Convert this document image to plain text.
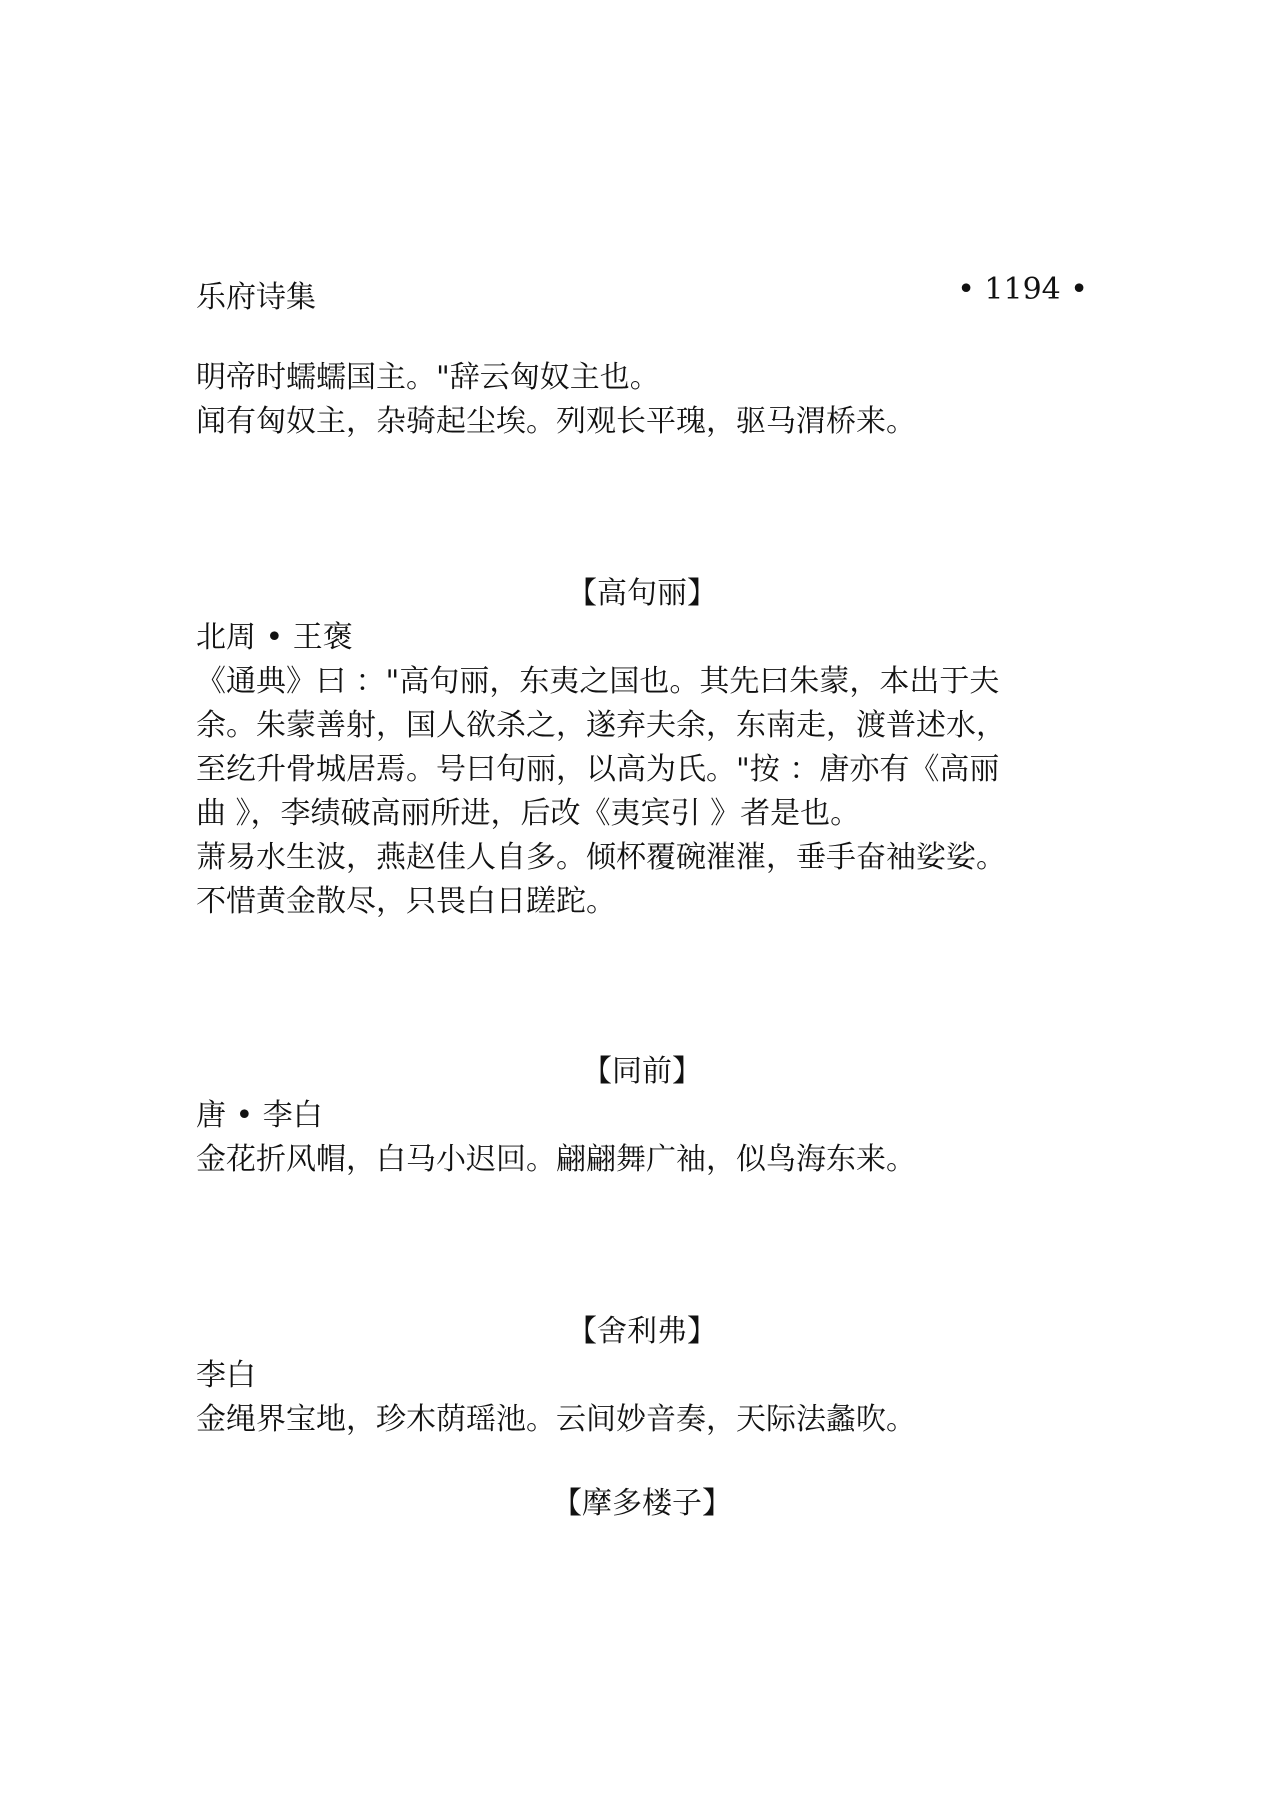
乐府诗集	• 1194 •
明帝时蠕蠕国主。"辞云匈奴主也。
闻有匈奴主，杂骑起尘埃。列观长平瑰，驱马渭桥来。
【高句丽】
北周 • 王褒
《通典》曰 ："高句丽，东夷之国也。其先曰朱蒙，本出于夫
余。朱蒙善射，国人欲杀之，遂弃夫余，东南走，渡普述水，
至纥升骨城居焉。号曰句丽，以高为氏。"按 ：唐亦有《高丽
曲 》，李绩破高丽所进，后改《夷宾引 》者是也。
萧易水生波，燕赵佳人自多。倾杯覆碗漼漼，垂手奋袖娑娑。
不惜黄金散尽，只畏白日蹉跎。
【同前】
唐 • 李白
金花折风帽，白马小迟回。翩翩舞广袖，似鸟海东来。
【舍利弗】
李白
金绳界宝地，珍木荫瑶池。云间妙音奏，天际法蠡吹。
【摩多楼子】
